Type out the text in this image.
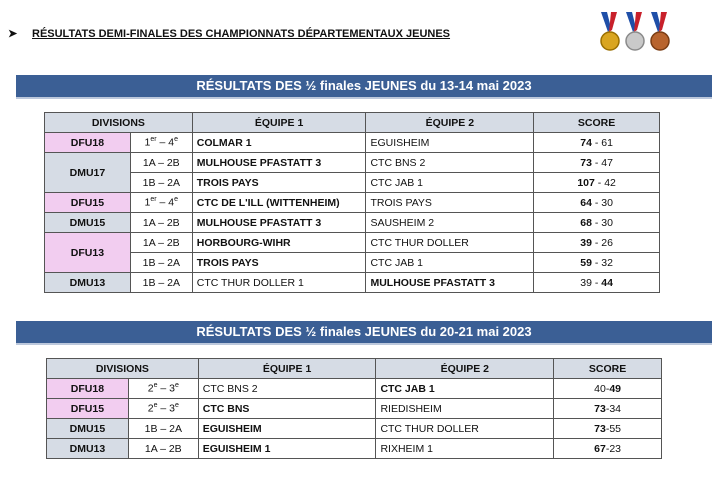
➤ RÉSULTATS DEMI-FINALES DES CHAMPIONNATS DÉPARTEMENTAUX JEUNES
RÉSULTATS DES ½ finales JEUNES du 13-14 mai 2023
DIVISIONS		ÉQUIPE 1	ÉQUIPE 2	SCORE
DFU18	1er – 4e	COLMAR 1	EGUISHEIM	74 - 61
DMU17	1A – 2B	MULHOUSE PFASTATT 3	CTC BNS 2	73 - 47
	1B – 2A	TROIS PAYS	CTC JAB 1	107 - 42
DFU15	1er – 4e	CTC DE L'ILL (WITTENHEIM)	TROIS PAYS	64 - 30
DMU15	1A – 2B	MULHOUSE PFASTATT 3	SAUSHEIM 2	68 - 30
DFU13	1A – 2B	HORBOURG-WIHR	CTC THUR DOLLER	39 - 26
	1B – 2A	TROIS PAYS	CTC JAB 1	59 - 32
DMU13	1B – 2A	CTC THUR DOLLER 1	MULHOUSE PFASTATT 3	39 - 44
RÉSULTATS DES ½ finales JEUNES du 20-21 mai 2023
DIVISIONS		ÉQUIPE 1	ÉQUIPE 2	SCORE
DFU18	2e – 3e	CTC BNS 2	CTC JAB 1	40-49
DFU15	2e – 3e	CTC BNS	RIEDISHEIM	73-34
DMU15	1B – 2A	EGUISHEIM	CTC THUR DOLLER	73-55
DMU13	1A – 2B	EGUISHEIM 1	RIXHEIM 1	67-23
